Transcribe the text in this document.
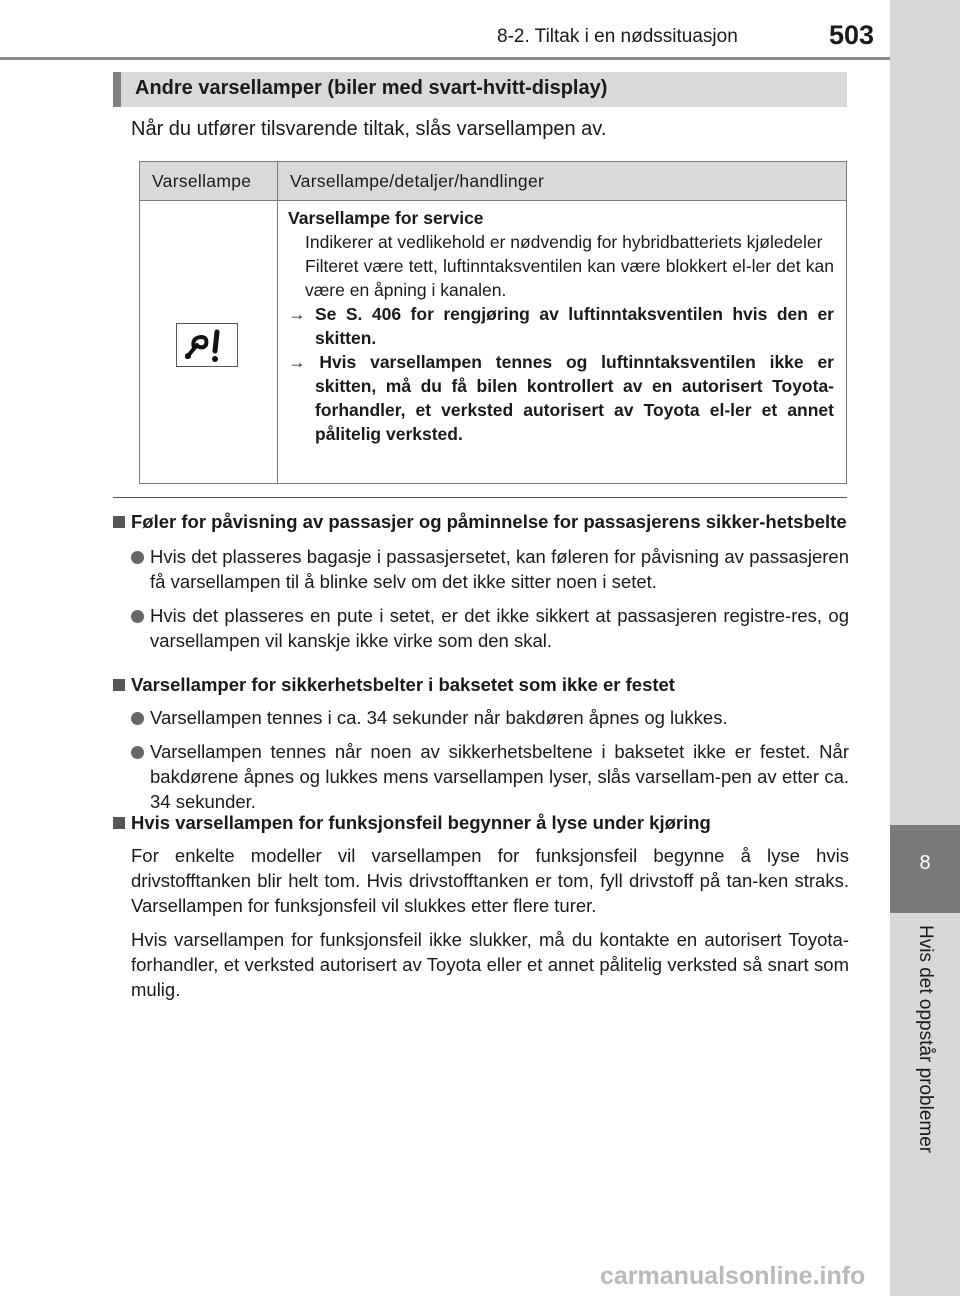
8
Hvis det oppstår problemer
8-2. Tiltak i en nødssituasjon	503
Andre varsellamper (biler med svart-hvitt-display)
Når du utfører tilsvarende tiltak, slås varsellampen av.
Varsellampe	Varsellampe/detaljer/handlinger

Varsellampe for service
Indikerer at vedlikehold er nødvendig for hybridbatteriets kjøledeler
Filteret være tett, luftinntaksventilen kan være blokkert el-ler det kan være en åpning i kanalen.
→ Se S. 406 for rengjøring av luftinntaksventilen hvis den er skitten.
→ Hvis varsellampen tennes og luftinntaksventilen ikke er skitten, må du få bilen kontrollert av en autorisert Toyota-forhandler, et verksted autorisert av Toyota el-ler et annet pålitelig verksted.
Føler for påvisning av passasjer og påminnelse for passasjerens sikker-hetsbelte
Hvis det plasseres bagasje i passasjersetet, kan føleren for påvisning av passasjeren få varsellampen til å blinke selv om det ikke sitter noen i setet.
Hvis det plasseres en pute i setet, er det ikke sikkert at passasjeren registre-res, og varsellampen vil kanskje ikke virke som den skal.
Varsellamper for sikkerhetsbelter i baksetet som ikke er festet
Varsellampen tennes i ca. 34 sekunder når bakdøren åpnes og lukkes.
Varsellampen tennes når noen av sikkerhetsbeltene i baksetet ikke er festet. Når bakdørene åpnes og lukkes mens varsellampen lyser, slås varsellam-pen av etter ca. 34 sekunder.
Hvis varsellampen for funksjonsfeil begynner å lyse under kjøring
For enkelte modeller vil varsellampen for funksjonsfeil begynne å lyse hvis drivstofftanken blir helt tom. Hvis drivstofftanken er tom, fyll drivstoff på tan-ken straks. Varsellampen for funksjonsfeil vil slukkes etter flere turer.
Hvis varsellampen for funksjonsfeil ikke slukker, må du kontakte en autorisert Toyota-forhandler, et verksted autorisert av Toyota eller et annet pålitelig verksted så snart som mulig.
carmanualsonline.info
